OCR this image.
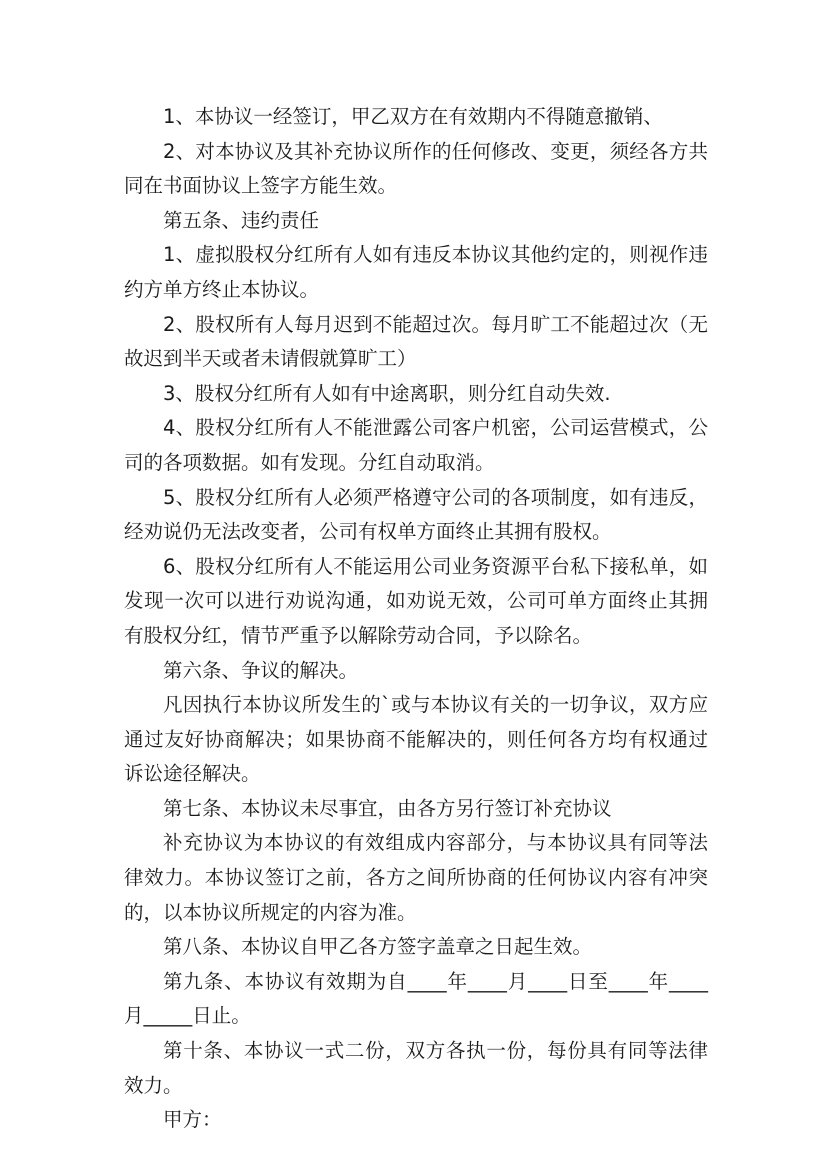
1、本协议一经签订，甲乙双方在有效期内不得随意撤销、

2、对本协议及其补充协议所作的任何修改、变更，须经各方共同在书面协议上签字方能生效。

第五条、违约责任

1、虚拟股权分红所有人如有违反本协议其他约定的，则视作违约方单方终止本协议。

2、股权所有人每月迟到不能超过次。每月旷工不能超过次（无故迟到半天或者未请假就算旷工）

3、股权分红所有人如有中途离职，则分红自动失效.

4、股权分红所有人不能泄露公司客户机密，公司运营模式，公司的各项数据。如有发现。分红自动取消。

5、股权分红所有人必须严格遵守公司的各项制度，如有违反，经劝说仍无法改变者，公司有权单方面终止其拥有股权。

6、股权分红所有人不能运用公司业务资源平台私下接私单，如发现一次可以进行劝说沟通，如劝说无效，公司可单方面终止其拥有股权分红，情节严重予以解除劳动合同，予以除名。

第六条、争议的解决。

凡因执行本协议所发生的`或与本协议有关的一切争议，双方应通过友好协商解决；如果协商不能解决的，则任何各方均有权通过诉讼途径解决。

第七条、本协议未尽事宜，由各方另行签订补充协议

补充协议为本协议的有效组成内容部分，与本协议具有同等法律效力。本协议签订之前，各方之间所协商的任何协议内容有冲突的，以本协议所规定的内容为准。

第八条、本协议自甲乙各方签字盖章之日起生效。

第九条、本协议有效期为自____年____月____日至____年____月_____日止。

第十条、本协议一式二份，双方各执一份，每份具有同等法律效力。

甲方：
